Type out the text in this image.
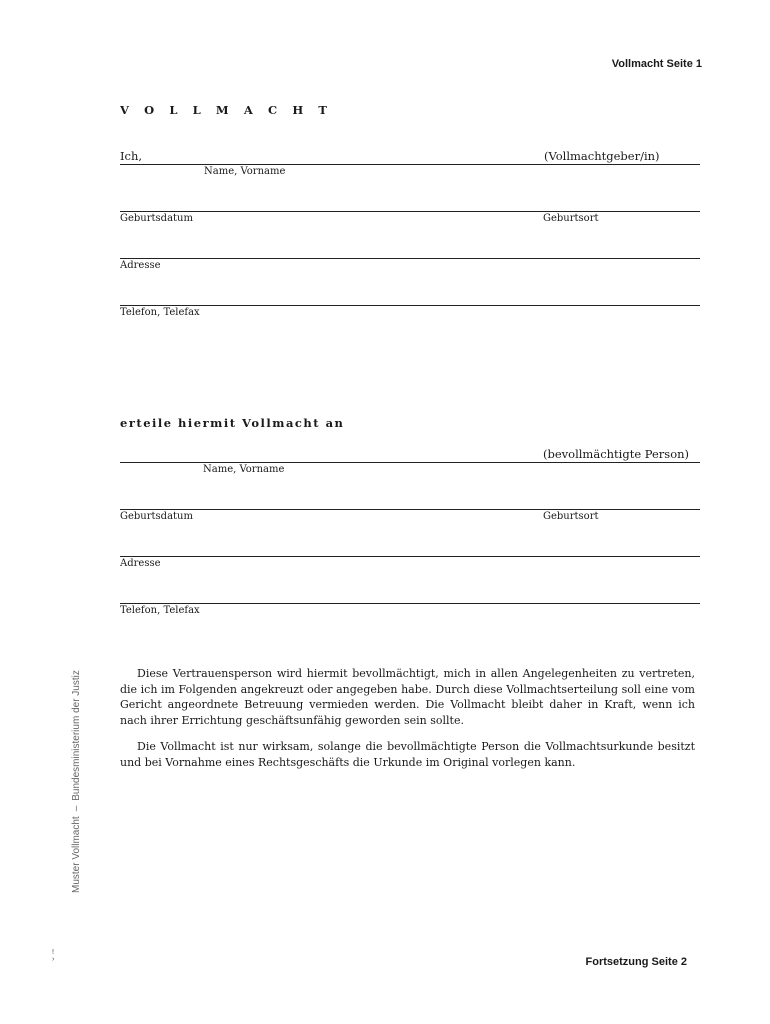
Vollmacht Seite 1
V O L L M A C H T
Ich,	(Vollmachtgeber/in)
Name, Vorname
Geburtsdatum	Geburtsort
Adresse
Telefon, Telefax
erteile hiermit Vollmacht an
(bevollmächtigte Person)
Name, Vorname
Geburtsdatum	Geburtsort
Adresse
Telefon, Telefax
Diese Vertrauensperson wird hiermit bevollmächtigt, mich in allen Angelegenheiten zu vertreten, die ich im Folgenden angekreuzt oder angegeben habe. Durch diese Vollmachtserteilung soll eine vom Gericht angeordnete Betreuung vermieden werden. Die Vollmacht bleibt daher in Kraft, wenn ich nach ihrer Errichtung geschäftsunfähig geworden sein sollte.
Die Vollmacht ist nur wirksam, solange die bevollmächtigte Person die Vollmachtsurkunde besitzt und bei Vornahme eines Rechtsgeschäfts die Urkunde im Original vorlegen kann.
Muster Vollmacht–Bundesministerium der Justiz
!
›	Fortsetzung Seite 2
